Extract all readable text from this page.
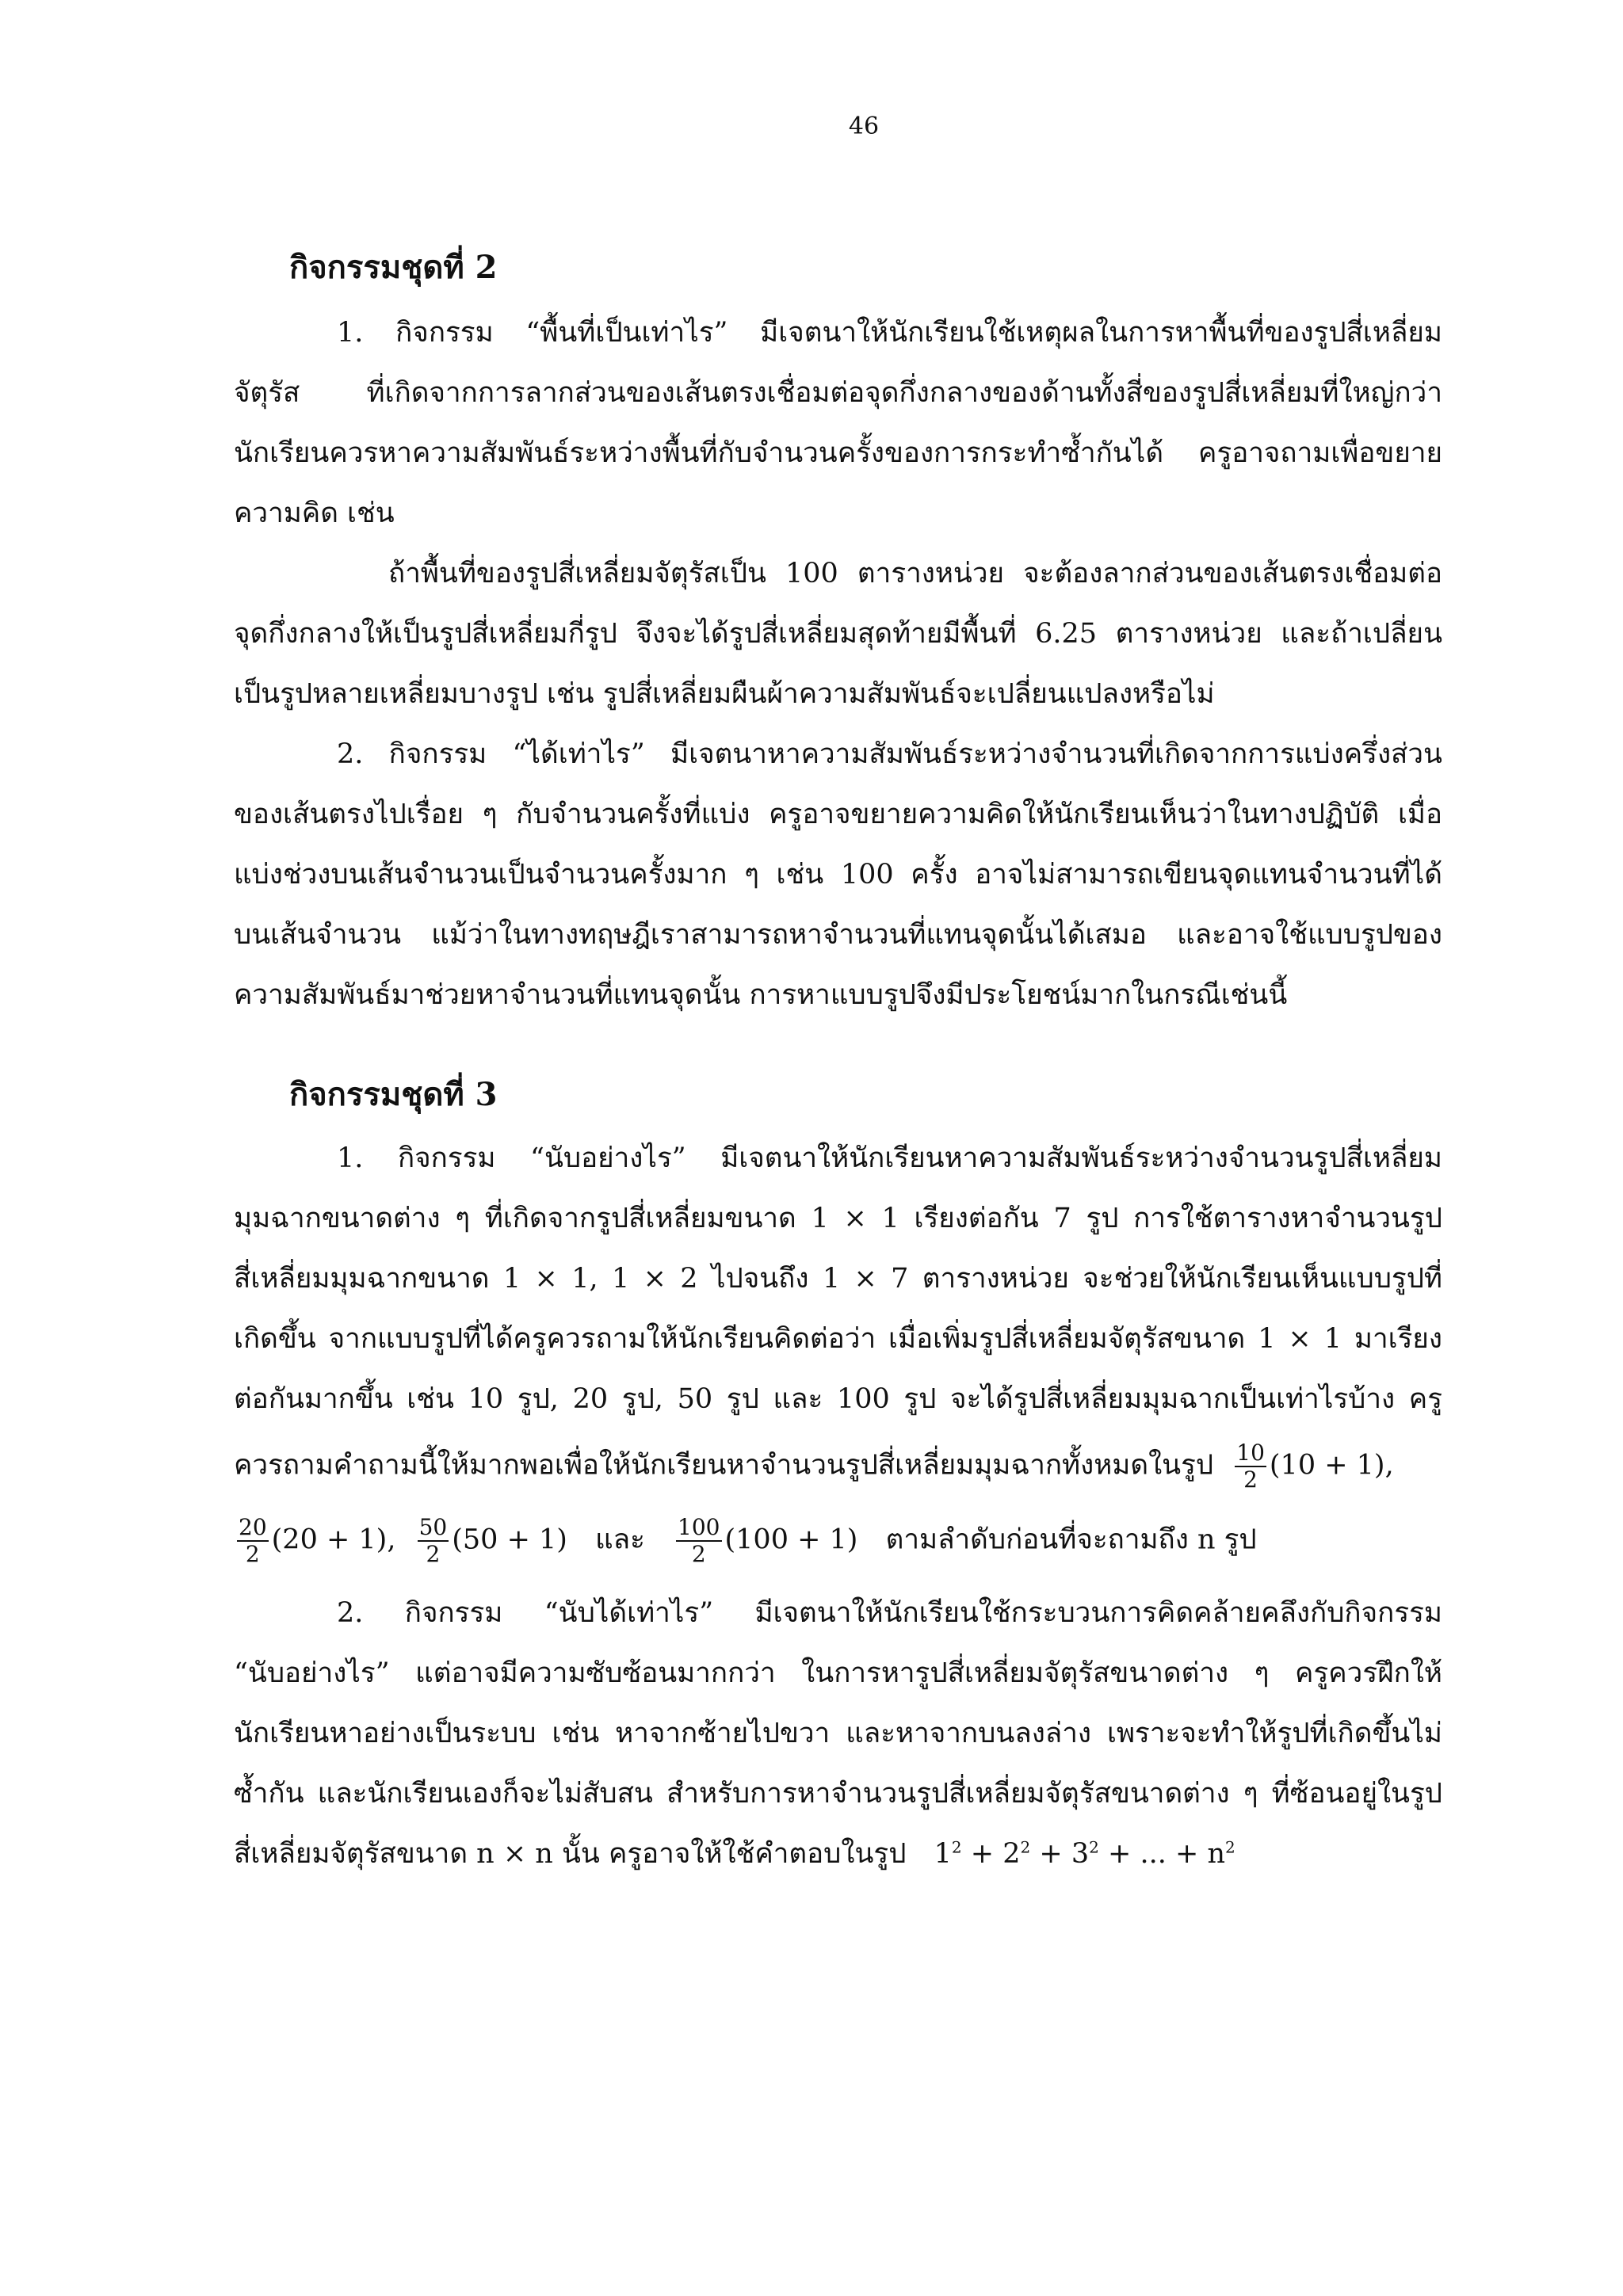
46
กิจกรรมชุดที่ 2
1. กิจกรรม “พื้นที่เป็นเท่าไร” มีเจตนาให้นักเรียนใช้เหตุผลในการหาพื้นที่ของรูปสี่เหลี่ยม
จัตุรัส ที่เกิดจากการลากส่วนของเส้นตรงเชื่อมต่อจุดกึ่งกลางของด้านทั้งสี่ของรูปสี่เหลี่ยมที่ใหญ่กว่า
นักเรียนควรหาความสัมพันธ์ระหว่างพื้นที่กับจำนวนครั้งของการกระทำซ้ำกันได้ ครูอาจถามเพื่อขยาย
ความคิด เช่น
ถ้าพื้นที่ของรูปสี่เหลี่ยมจัตุรัสเป็น 100 ตารางหน่วย จะต้องลากส่วนของเส้นตรงเชื่อมต่อ
จุดกึ่งกลางให้เป็นรูปสี่เหลี่ยมกี่รูป จึงจะได้รูปสี่เหลี่ยมสุดท้ายมีพื้นที่ 6.25 ตารางหน่วย และถ้าเปลี่ยน
เป็นรูปหลายเหลี่ยมบางรูป เช่น รูปสี่เหลี่ยมผืนผ้าความสัมพันธ์จะเปลี่ยนแปลงหรือไม่
2. กิจกรรม “ได้เท่าไร” มีเจตนาหาความสัมพันธ์ระหว่างจำนวนที่เกิดจากการแบ่งครึ่งส่วน
ของเส้นตรงไปเรื่อย ๆ กับจำนวนครั้งที่แบ่ง ครูอาจขยายความคิดให้นักเรียนเห็นว่าในทางปฏิบัติ เมื่อ
แบ่งช่วงบนเส้นจำนวนเป็นจำนวนครั้งมาก ๆ เช่น 100 ครั้ง อาจไม่สามารถเขียนจุดแทนจำนวนที่ได้
บนเส้นจำนวน แม้ว่าในทางทฤษฎีเราสามารถหาจำนวนที่แทนจุดนั้นได้เสมอ และอาจใช้แบบรูปของ
ความสัมพันธ์มาช่วยหาจำนวนที่แทนจุดนั้น การหาแบบรูปจึงมีประโยชน์มากในกรณีเช่นนี้
กิจกรรมชุดที่ 3
1. กิจกรรม “นับอย่างไร” มีเจตนาให้นักเรียนหาความสัมพันธ์ระหว่างจำนวนรูปสี่เหลี่ยม
มุมฉากขนาดต่าง ๆ ที่เกิดจากรูปสี่เหลี่ยมขนาด 1 × 1 เรียงต่อกัน 7 รูป การใช้ตารางหาจำนวนรูป
สี่เหลี่ยมมุมฉากขนาด 1 × 1, 1 × 2 ไปจนถึง 1 × 7 ตารางหน่วย จะช่วยให้นักเรียนเห็นแบบรูปที่
เกิดขึ้น จากแบบรูปที่ได้ครูควรถามให้นักเรียนคิดต่อว่า เมื่อเพิ่มรูปสี่เหลี่ยมจัตุรัสขนาด 1 × 1 มาเรียง
ต่อกันมากขึ้น เช่น 10 รูป, 20 รูป, 50 รูป และ 100 รูป จะได้รูปสี่เหลี่ยมมุมฉากเป็นเท่าไรบ้าง ครู
ควรถามคำถามนี้ให้มากพอเพื่อให้นักเรียนหาจำนวนรูปสี่เหลี่ยมมุมฉากทั้งหมดในรูป $\frac{10}{2} (10 + 1)$,
$\frac{20}{2} (20 + 1)$, $\frac{50}{2} (50 + 1)$ และ $\frac{100}{2} (100 + 1)$ ตามลำดับก่อนที่จะถามถึง n รูป
2. กิจกรรม “นับได้เท่าไร” มีเจตนาให้นักเรียนใช้กระบวนการคิดคล้ายคลึงกับกิจกรรม
“นับอย่างไร” แต่อาจมีความซับซ้อนมากกว่า ในการหารูปสี่เหลี่ยมจัตุรัสขนาดต่าง ๆ ครูควรฝึกให้
นักเรียนหาอย่างเป็นระบบ เช่น หาจากซ้ายไปขวา และหาจากบนลงล่าง เพราะจะทำให้รูปที่เกิดขึ้นไม่
ซ้ำกัน และนักเรียนเองก็จะไม่สับสน สำหรับการหาจำนวนรูปสี่เหลี่ยมจัตุรัสขนาดต่าง ๆ ที่ซ้อนอยู่ในรูป
สี่เหลี่ยมจัตุรัสขนาด n × n นั้น ครูอาจให้ใช้คำตอบในรูป $1^2 + 2^2 + 3^2$ + ... + $n^2$
